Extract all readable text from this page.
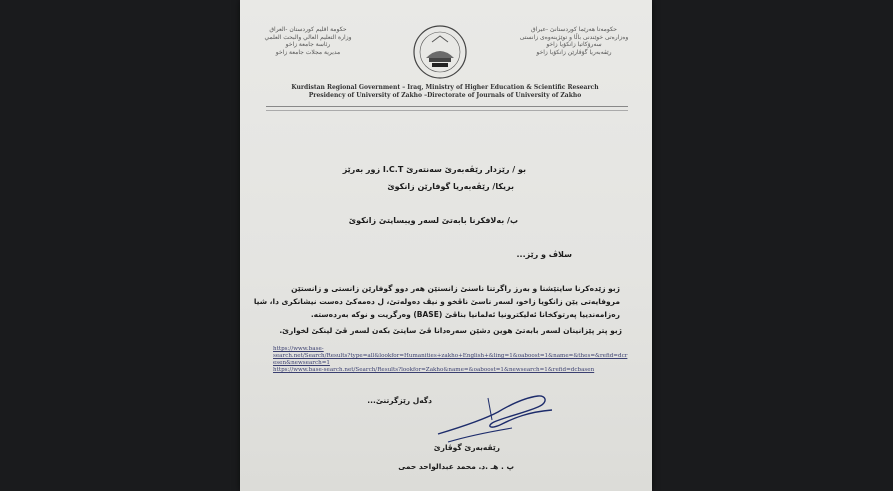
حكومة اقليم كوردستان -العراق
وزارة التعليم العالي والبحث العلمي
رئاسة جامعة زاخو
مديرية مجلات جامعة زاخو
حکومەتا هەرێما کوردستانێ -عیراق
وەزارەتی خوێندنی باڵا و توێژینەوەی زانستی
سەرۆکاتیا زانکۆیا زاخو
رێڤەبەریا گۆڤارێن زانکۆیا زاخو
Kurdistan Regional Government – Iraq, Ministry of Higher Education & Scientific Research
Presidency of University of Zakho –Directorate of Journals of University of Zakho
بو / رێزدار رێڤەبەرێ سەنتەرێ I.C.T زور بەرێز
بریکا/ رێڤەبەریا گوفارێن زانکوێ
ب/ بەلافکرنا بابەتێ لسەر ویبسایتێ زانکوێ
سلاڤ و رێز...
ژبو زێدەکرنا سایتێشنا و بەرز راگرتنا ناسنێ زانستێن هەر دوو گوفارێن زانستی و زانستێن
مروفایەتی یێن زانکویا زاخو، لسەر ناسێ ناڤخو و نیڤ دەولەتێ، ل دەمەکێ دەست نیشانکری دا، شیا
رەزامەندییا پەرتوکخانا ئەلیکترونیا ئەلمانیا بناڤێ (BASE) وەرگریت و نوکە بەردەستە.
ژبو پتر پێزانینان لسەر بابەتێ هوین دشێن سەرەدانا ڤێ سایتێ بکەن لسەر ڤێ لینکێ لخوارێ.
https://www.base-
search.net/Search/Results?type=all&lookfor=Humanities+zakho+English+&ling=1&oaboost=1&name=&thes=&refid=dcr
esen&newsearch=1
https://www.base-search.net/Search/Results?lookfor=Zakho&name=&oaboost=1&newsearch=1&refid=dcbasen
دگەل رێزگرتنێ...
رێڤەبەرێ گوڤارێ
پ . هـ .د. محمد عبدالواحد حمی
